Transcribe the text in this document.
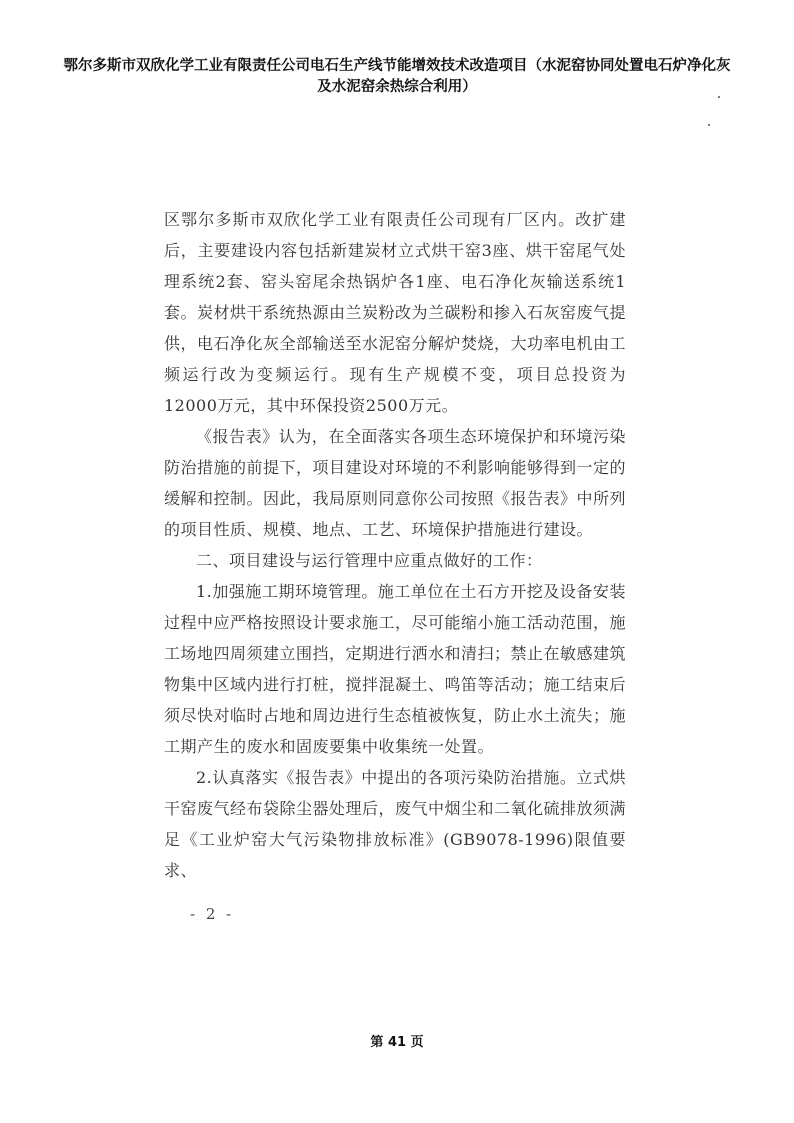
鄂尔多斯市双欣化学工业有限责任公司电石生产线节能增效技术改造项目（水泥窑协同处置电石炉净化灰
及水泥窑余热综合利用）

区鄂尔多斯市双欣化学工业有限责任公司现有厂区内。改扩建后，主要建设内容包括新建炭材立式烘干窑3座、烘干窑尾气处理系统2套、窑头窑尾余热锅炉各1座、电石净化灰输送系统1套。炭材烘干系统热源由兰炭粉改为兰碳粉和掺入石灰窑废气提供，电石净化灰全部输送至水泥窑分解炉焚烧，大功率电机由工频运行改为变频运行。现有生产规模不变，项目总投资为12000万元，其中环保投资2500万元。

《报告表》认为，在全面落实各项生态环境保护和环境污染防治措施的前提下，项目建设对环境的不利影响能够得到一定的缓解和控制。因此，我局原则同意你公司按照《报告表》中所列的项目性质、规模、地点、工艺、环境保护措施进行建设。

二、项目建设与运行管理中应重点做好的工作：

1.加强施工期环境管理。施工单位在土石方开挖及设备安装过程中应严格按照设计要求施工，尽可能缩小施工活动范围，施工场地四周须建立围挡，定期进行洒水和清扫；禁止在敏感建筑物集中区域内进行打桩，搅拌混凝土、鸣笛等活动；施工结束后须尽快对临时占地和周边进行生态植被恢复，防止水土流失；施工期产生的废水和固废要集中收集统一处置。

2.认真落实《报告表》中提出的各项污染防治措施。立式烘干窑废气经布袋除尘器处理后，废气中烟尘和二氧化硫排放须满足《工业炉窑大气污染物排放标准》(GB9078-1996)限值要求、

- 2 -
第 41 页
